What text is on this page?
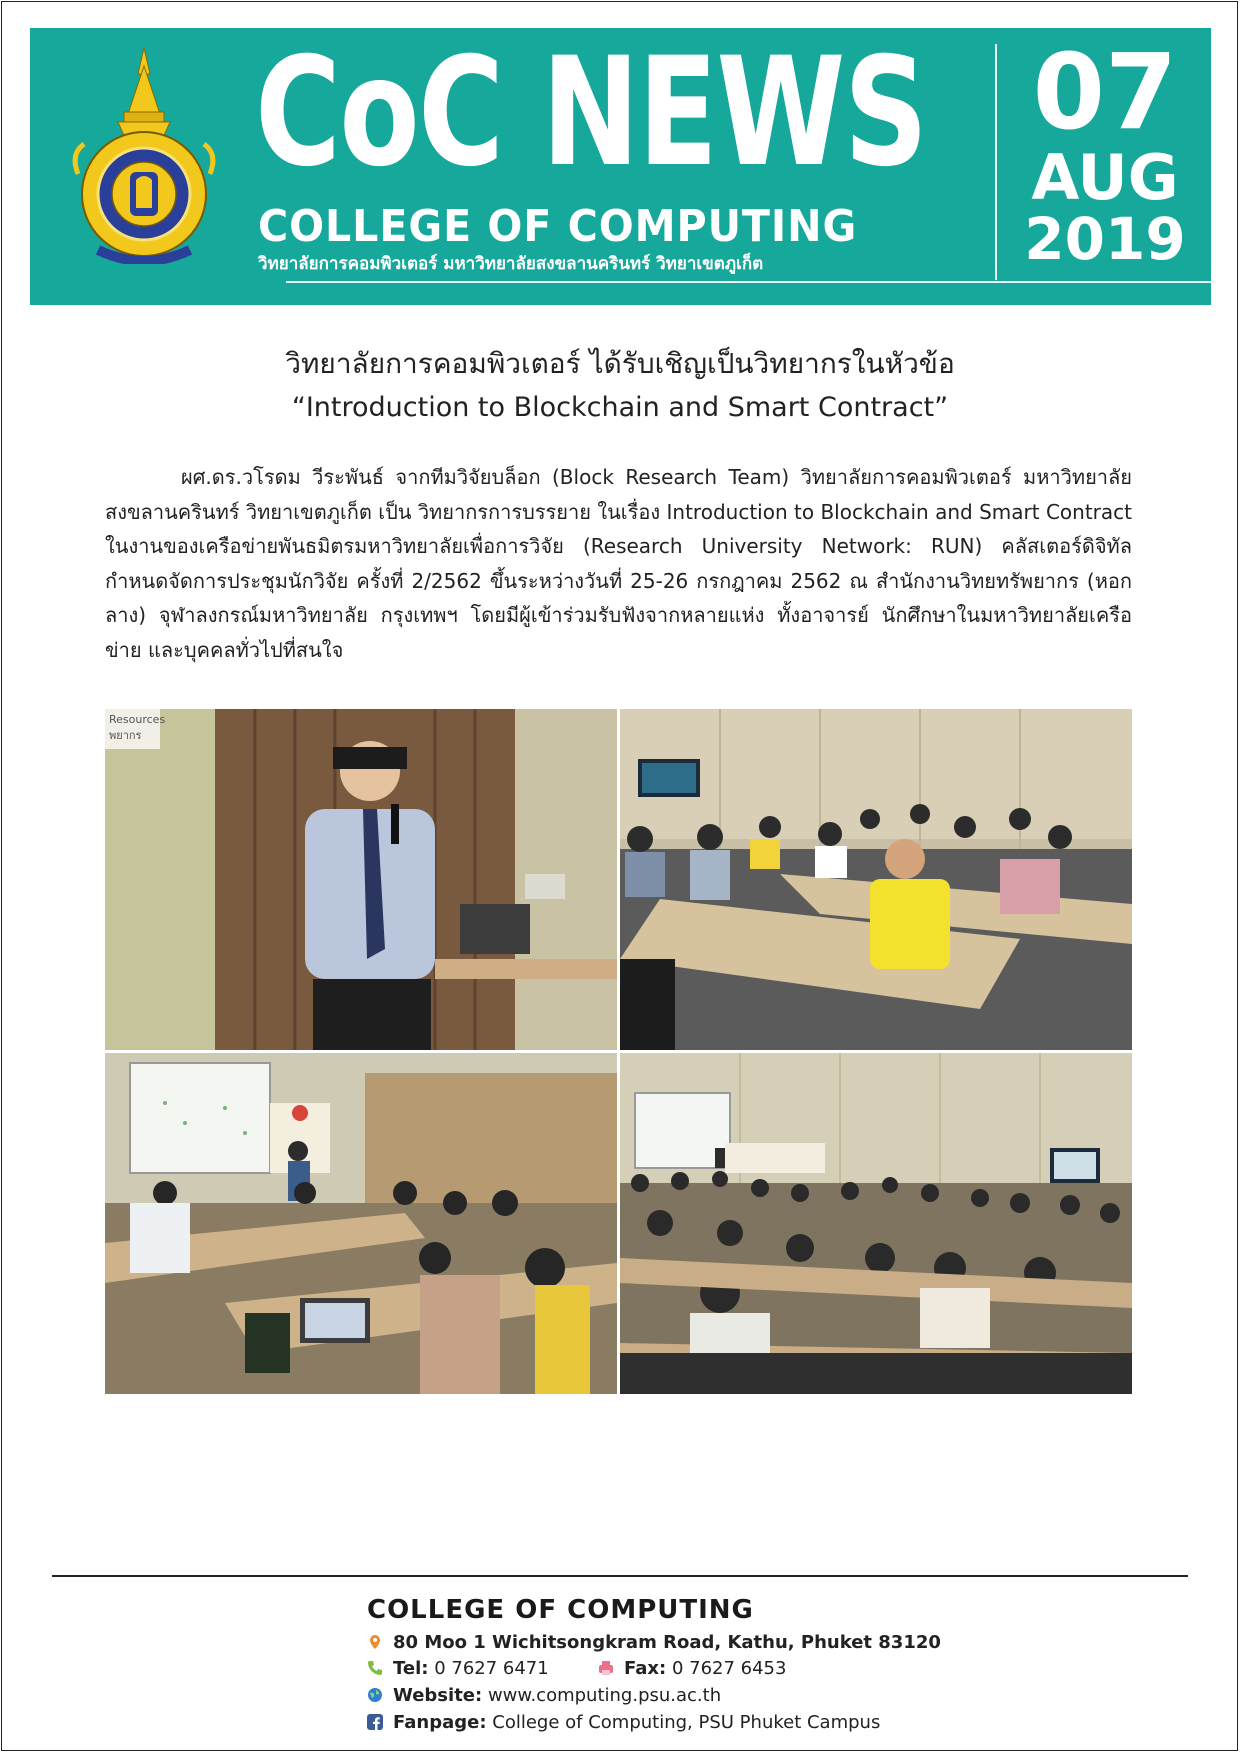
CoC NEWS
COLLEGE OF COMPUTING
วิทยาลัยการคอมพิวเตอร์ มหาวิทยาลัยสงขลานครินทร์ วิทยาเขตภูเก็ต
07
AUG
2019
วิทยาลัยการคอมพิวเตอร์ ได้รับเชิญเป็นวิทยากรในหัวข้อ
“Introduction to Blockchain and Smart Contract”
ผศ.ดร.วโรดม วีระพันธ์ จากทีมวิจัยบล็อก (Block Research Team) วิทยาลัยการคอมพิวเตอร์ มหาวิทยาลัยสงขลานครินทร์ วิทยาเขตภูเก็ต เป็น วิทยากรการบรรยาย ในเรื่อง Introduction to Blockchain and Smart Contract ในงานของเครือข่ายพันธมิตรมหาวิทยาลัยเพื่อการวิจัย (Research University Network: RUN) คลัสเตอร์ดิจิทัล กำหนดจัดการประชุมนักวิจัย ครั้งที่ 2/2562 ขึ้นระหว่างวันที่ 25-26 กรกฎาคม 2562 ณ สำนักงานวิทยทรัพยากร (หอกลาง) จุฬาลงกรณ์มหาวิทยาลัย กรุงเทพฯ โดยมีผู้เข้าร่วมรับฟังจากหลายแห่ง ทั้งอาจารย์ นักศึกษาในมหาวิทยาลัยเครือข่าย และบุคคลทั่วไปที่สนใจ
Resources
พยากร
COLLEGE OF COMPUTING
80 Moo 1 Wichitsongkram Road, Kathu, Phuket 83120
Tel: 0 7627 6471	Fax: 0 7627 6453
Website: www.computing.psu.ac.th
Fanpage: College of Computing, PSU Phuket Campus
